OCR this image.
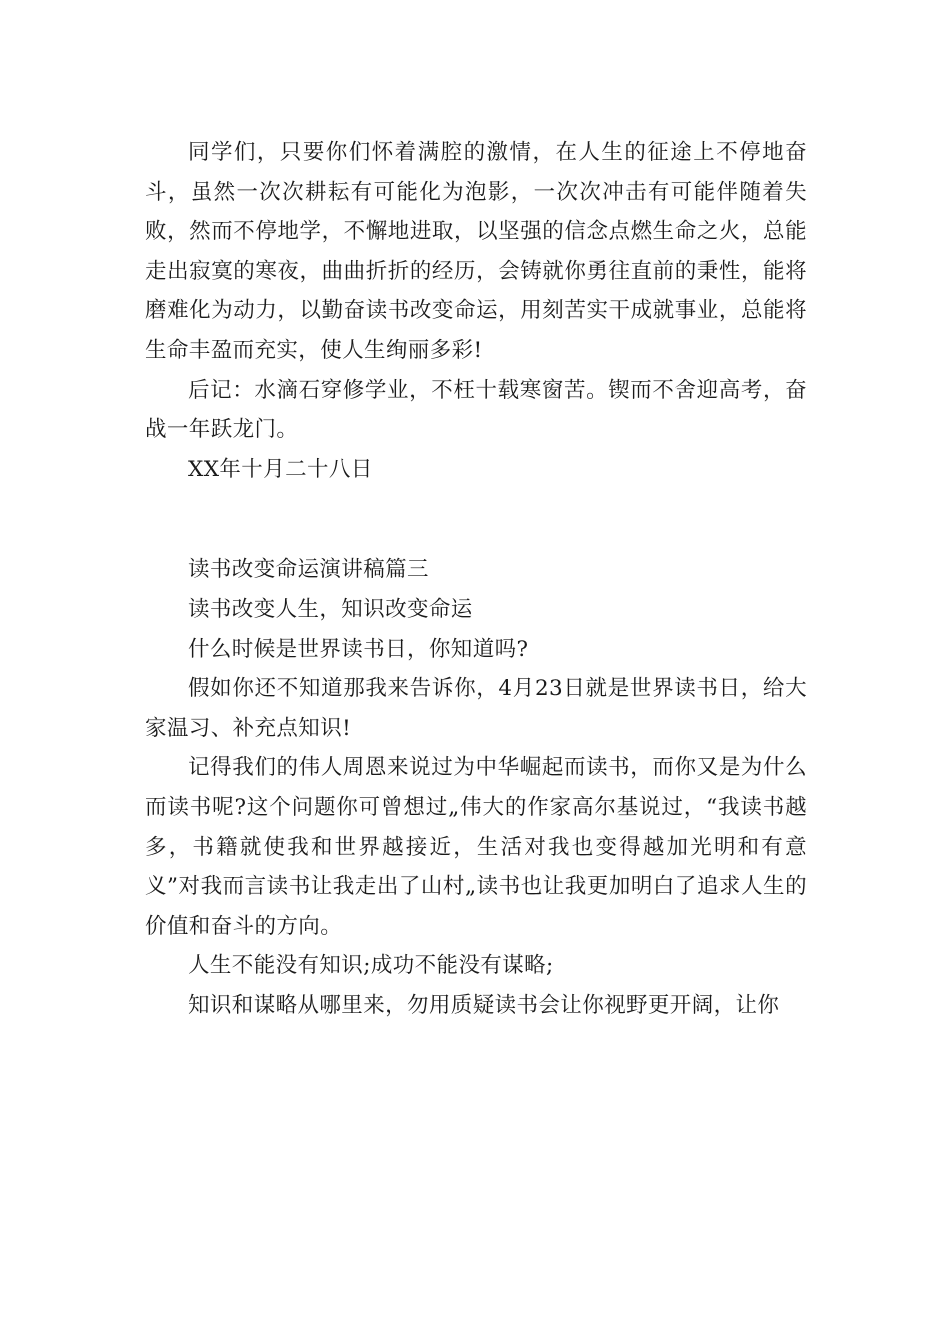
同学们，只要你们怀着满腔的激情，在人生的征途上不停地奋斗，虽然一次次耕耘有可能化为泡影，一次次冲击有可能伴随着失败，然而不停地学，不懈地进取，以坚强的信念点燃生命之火，总能走出寂寞的寒夜，曲曲折折的经历，会铸就你勇往直前的秉性，能将磨难化为动力，以勤奋读书改变命运，用刻苦实干成就事业，总能将生命丰盈而充实，使人生绚丽多彩!

后记：水滴石穿修学业，不枉十载寒窗苦。锲而不舍迎高考，奋战一年跃龙门。

XX年十月二十八日

读书改变命运演讲稿篇三

读书改变人生，知识改变命运

什么时候是世界读书日，你知道吗?

假如你还不知道那我来告诉你，4月23日就是世界读书日，给大家温习、补充点知识!

记得我们的伟人周恩来说过为中华崛起而读书，而你又是为什么而读书呢?这个问题你可曾想过„伟大的作家高尔基说过，“我读书越多，书籍就使我和世界越接近，生活对我也变得越加光明和有意义”对我而言读书让我走出了山村„读书也让我更加明白了追求人生的价值和奋斗的方向。

人生不能没有知识;成功不能没有谋略;

知识和谋略从哪里来，勿用质疑读书会让你视野更开阔，让你
